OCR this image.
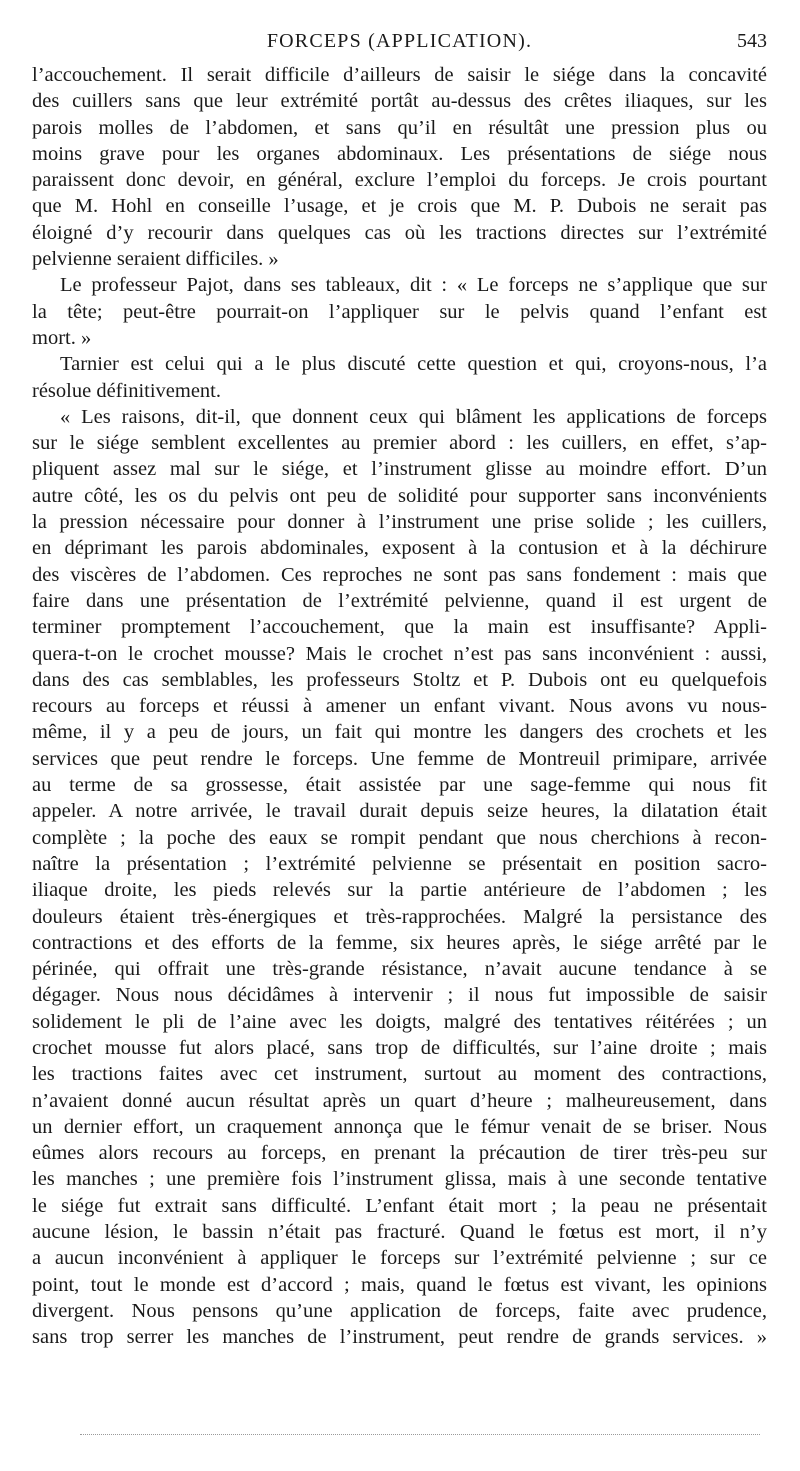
FORCEPS (APPLICATION).	543
l’accouchement. Il serait difficile d’ailleurs de saisir le siége dans la concavité
des cuillers sans que leur extrémité portât au-dessus des crêtes iliaques, sur les
parois molles de l’abdomen, et sans qu’il en résultât une pression plus ou
moins grave pour les organes abdominaux. Les présentations de siége nous
paraissent donc devoir, en général, exclure l’emploi du forceps. Je crois pourtant
que M. Hohl en conseille l’usage, et je crois que M. P. Dubois ne serait pas
éloigné d’y recourir dans quelques cas où les tractions directes sur l’extrémité
pelvienne seraient difficiles. »
Le professeur Pajot, dans ses tableaux, dit : « Le forceps ne s’applique que sur
la tête; peut-être pourrait-on l’appliquer sur le pelvis quand l’enfant est
mort. »
Tarnier est celui qui a le plus discuté cette question et qui, croyons-nous, l’a
résolue définitivement.
« Les raisons, dit-il, que donnent ceux qui blâment les applications de forceps
sur le siége semblent excellentes au premier abord : les cuillers, en effet, s’ap-
pliquent assez mal sur le siége, et l’instrument glisse au moindre effort. D’un
autre côté, les os du pelvis ont peu de solidité pour supporter sans inconvénients
la pression nécessaire pour donner à l’instrument une prise solide ; les cuillers,
en déprimant les parois abdominales, exposent à la contusion et à la déchirure
des viscères de l’abdomen. Ces reproches ne sont pas sans fondement : mais que
faire dans une présentation de l’extrémité pelvienne, quand il est urgent de
terminer promptement l’accouchement, que la main est insuffisante? Appli-
quera-t-on le crochet mousse? Mais le crochet n’est pas sans inconvénient : aussi,
dans des cas semblables, les professeurs Stoltz et P. Dubois ont eu quelquefois
recours au forceps et réussi à amener un enfant vivant. Nous avons vu nous-
même, il y a peu de jours, un fait qui montre les dangers des crochets et les
services que peut rendre le forceps. Une femme de Montreuil primipare, arrivée
au terme de sa grossesse, était assistée par une sage-femme qui nous fit
appeler. A notre arrivée, le travail durait depuis seize heures, la dilatation était
complète ; la poche des eaux se rompit pendant que nous cherchions à recon-
naître la présentation ; l’extrémité pelvienne se présentait en position sacro-
iliaque droite, les pieds relevés sur la partie antérieure de l’abdomen ; les
douleurs étaient très-énergiques et très-rapprochées. Malgré la persistance des
contractions et des efforts de la femme, six heures après, le siége arrêté par le
périnée, qui offrait une très-grande résistance, n’avait aucune tendance à se
dégager. Nous nous décidâmes à intervenir ; il nous fut impossible de saisir
solidement le pli de l’aine avec les doigts, malgré des tentatives réitérées ; un
crochet mousse fut alors placé, sans trop de difficultés, sur l’aine droite ; mais
les tractions faites avec cet instrument, surtout au moment des contractions,
n’avaient donné aucun résultat après un quart d’heure ; malheureusement, dans
un dernier effort, un craquement annonça que le fémur venait de se briser. Nous
eûmes alors recours au forceps, en prenant la précaution de tirer très-peu sur
les manches ; une première fois l’instrument glissa, mais à une seconde tentative
le siége fut extrait sans difficulté. L’enfant était mort ; la peau ne présentait
aucune lésion, le bassin n’était pas fracturé. Quand le fœtus est mort, il n’y
a aucun inconvénient à appliquer le forceps sur l’extrémité pelvienne ; sur ce
point, tout le monde est d’accord ; mais, quand le fœtus est vivant, les opinions
divergent. Nous pensons qu’une application de forceps, faite avec prudence,
sans trop serrer les manches de l’instrument, peut rendre de grands services. »
